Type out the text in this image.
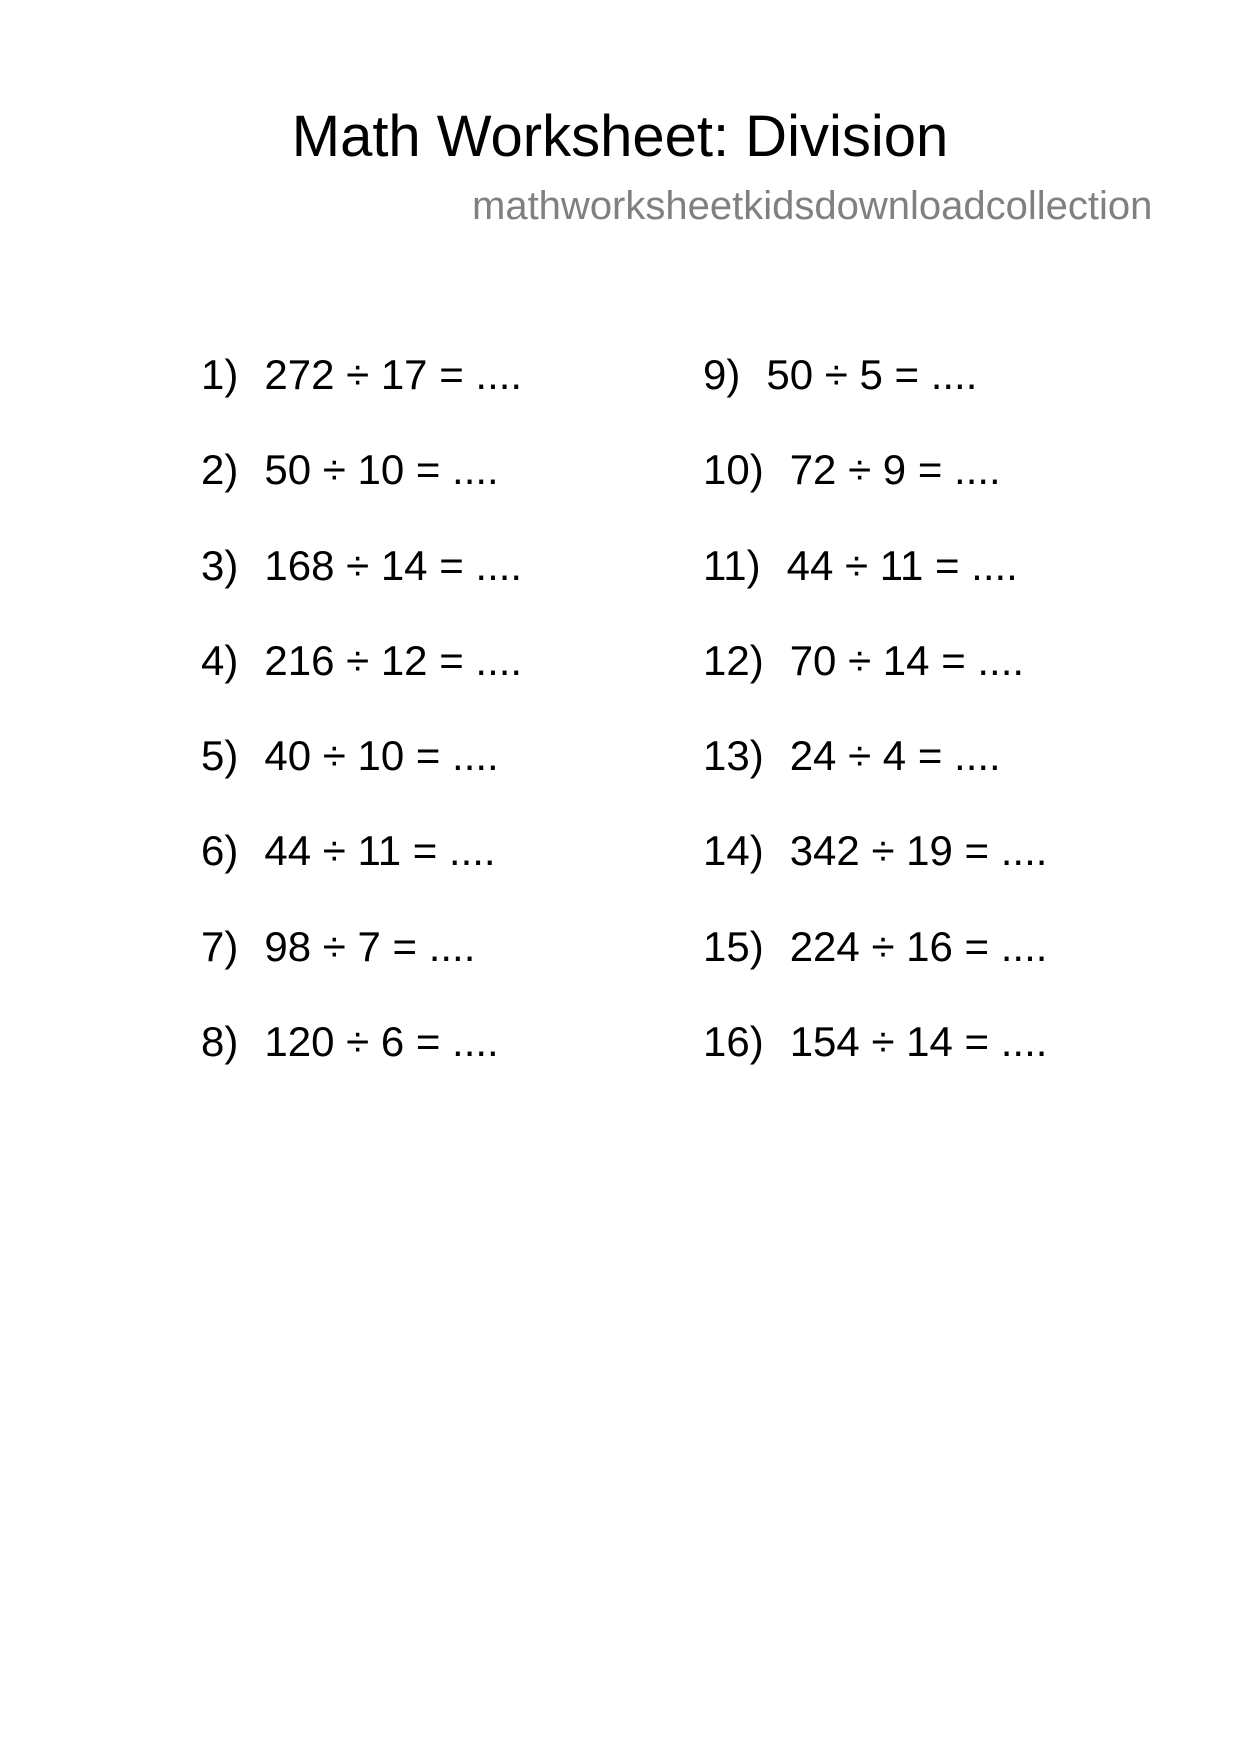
Math Worksheet: Division
mathworksheetkidsdownloadcollection
1) 272 ÷ 17 = ....
2) 50 ÷ 10 = ....
3) 168 ÷ 14 = ....
4) 216 ÷ 12 = ....
5) 40 ÷ 10 = ....
6) 44 ÷ 11 = ....
7) 98 ÷ 7 = ....
8) 120 ÷ 6 = ....
9) 50 ÷ 5 = ....
10) 72 ÷ 9 = ....
11) 44 ÷ 11 = ....
12) 70 ÷ 14 = ....
13) 24 ÷ 4 = ....
14) 342 ÷ 19 = ....
15) 224 ÷ 16 = ....
16) 154 ÷ 14 = ....
